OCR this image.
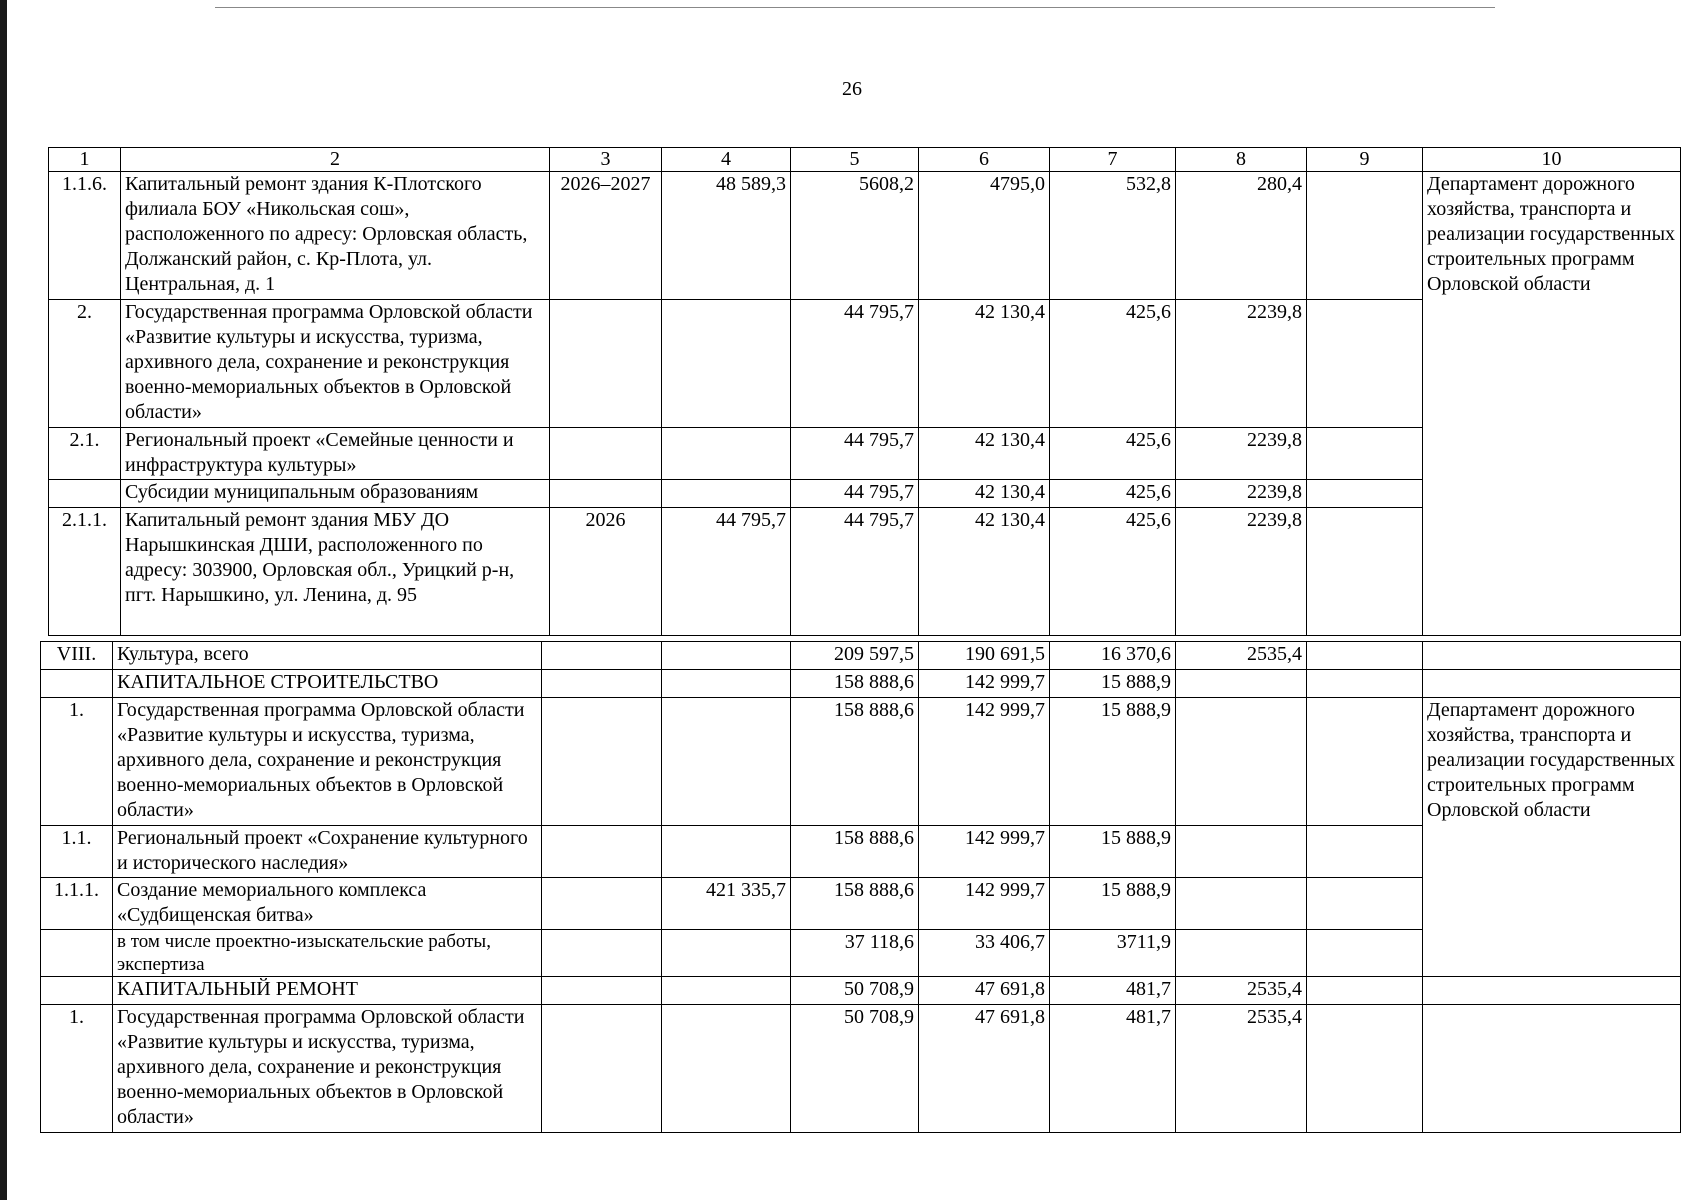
26
1	2	3	4	5	6	7	8	9	10
1.1.6.	Капитальный ремонт здания К-Плотского филиала БОУ «Никольская сош», расположенного по адресу: Орловская область, Должанский район, с. Кр-Плота, ул. Центральная, д. 1	2026–2027	48 589,3	5608,2	4795,0	532,8	280,4		Департамент дорожного хозяйства, транспорта и реализации государственных строительных программ Орловской области
2.	Государственная программа Орловской области «Развитие культуры и искусства, туризма, архивного дела, сохранение и реконструкция военно-мемориальных объектов в Орловской области»			44 795,7	42 130,4	425,6	2239,8		
2.1.	Региональный проект «Семейные ценности и инфраструктура культуры»			44 795,7	42 130,4	425,6	2239,8		
	Субсидии муниципальным образованиям			44 795,7	42 130,4	425,6	2239,8		
2.1.1.	Капитальный ремонт здания МБУ ДО Нарышкинская ДШИ, расположенного по адресу: 303900, Орловская обл., Урицкий р-н, пгт. Нарышкино, ул. Ленина, д. 95	2026	44 795,7	44 795,7	42 130,4	425,6	2239,8		
VIII.	Культура, всего			209 597,5	190 691,5	16 370,6	2535,4		
	КАПИТАЛЬНОЕ СТРОИТЕЛЬСТВО			158 888,6	142 999,7	15 888,9			
1.	Государственная программа Орловской области «Развитие культуры и искусства, туризма, архивного дела, сохранение и реконструкция военно-мемориальных объектов в Орловской области»			158 888,6	142 999,7	15 888,9			Департамент дорожного хозяйства, транспорта и реализации государственных строительных программ Орловской области
1.1.	Региональный проект «Сохранение культурного и исторического наследия»			158 888,6	142 999,7	15 888,9			
1.1.1.	Создание мемориального комплекса «Судбищенская битва»		421 335,7	158 888,6	142 999,7	15 888,9			
	в том числе проектно-изыскательские работы, экспертиза			37 118,6	33 406,7	3711,9			
	КАПИТАЛЬНЫЙ РЕМОНТ			50 708,9	47 691,8	481,7	2535,4		
1.	Государственная программа Орловской области «Развитие культуры и искусства, туризма, архивного дела, сохранение и реконструкция военно-мемориальных объектов в Орловской области»			50 708,9	47 691,8	481,7	2535,4		
